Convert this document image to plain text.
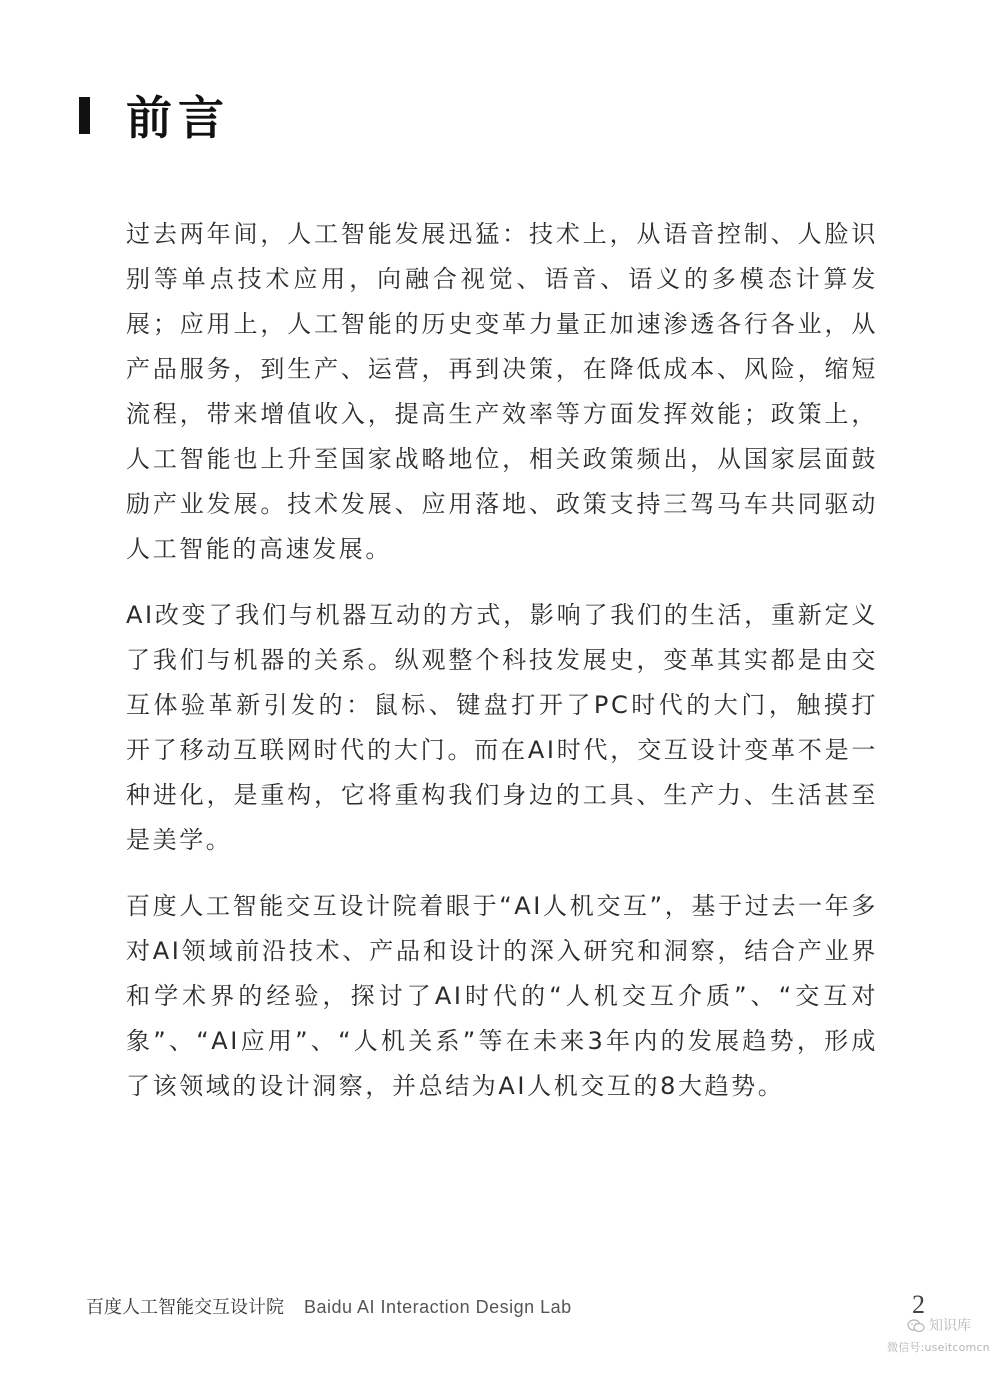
前言

过去两年间，人工智能发展迅猛：技术上，从语音控制、人脸识别等单点技术应用，向融合视觉、语音、语义的多模态计算发展；应用上，人工智能的历史变革力量正加速渗透各行各业，从产品服务，到生产、运营，再到决策，在降低成本、风险，缩短流程，带来增值收入，提高生产效率等方面发挥效能；政策上，人工智能也上升至国家战略地位，相关政策频出，从国家层面鼓励产业发展。技术发展、应用落地、政策支持三驾马车共同驱动人工智能的高速发展。

AI改变了我们与机器互动的方式，影响了我们的生活，重新定义了我们与机器的关系。纵观整个科技发展史，变革其实都是由交互体验革新引发的：鼠标、键盘打开了PC时代的大门，触摸打开了移动互联网时代的大门。而在AI时代，交互设计变革不是一种进化，是重构，它将重构我们身边的工具、生产力、生活甚至是美学。

百度人工智能交互设计院着眼于“AI人机交互”，基于过去一年多对AI领域前沿技术、产品和设计的深入研究和洞察，结合产业界和学术界的经验，探讨了AI时代的“人机交互介质”、“交互对象”、“AI应用”、“人机关系”等在未来3年内的发展趋势，形成了该领域的设计洞察，并总结为AI人机交互的8大趋势。

百度人工智能交互设计院 Baidu AI Interaction Design Lab	2
知识库
微信号:useitcomcn
